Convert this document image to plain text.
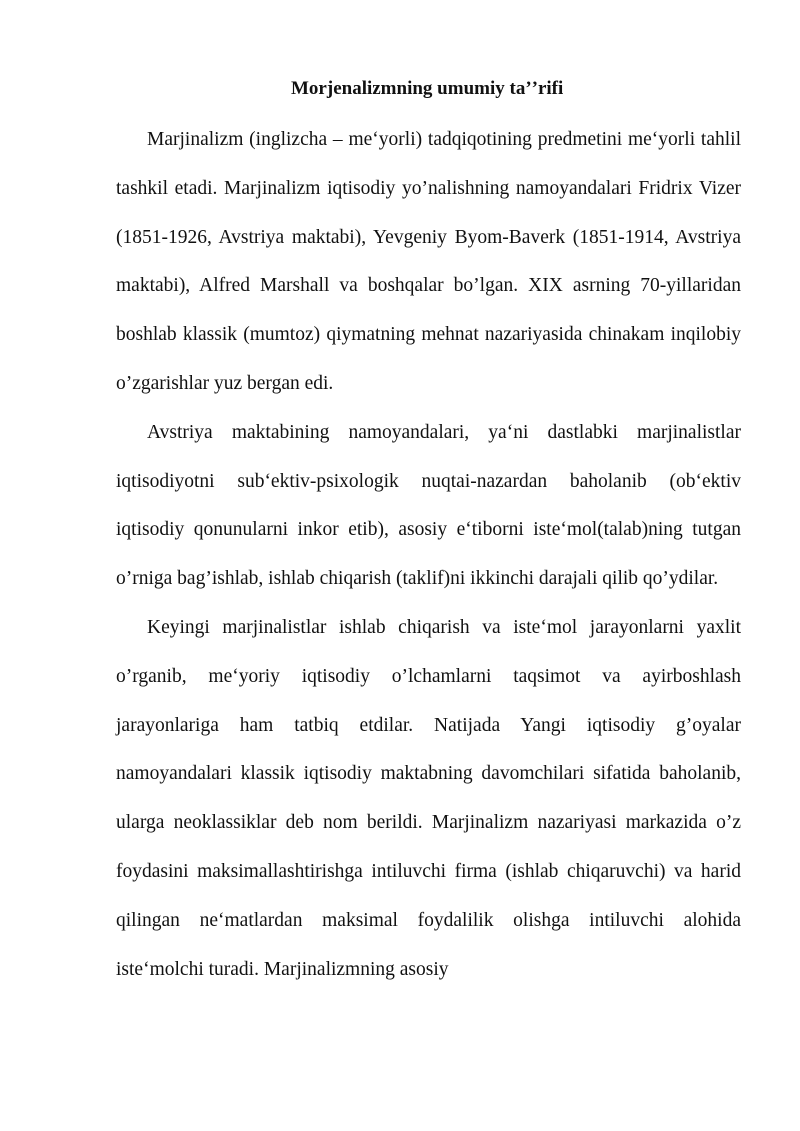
Morjenalizmning umumiy taʼʼrifi

Marjinalizm (inglizcha – meʻyorli) tadqiqotining predmetini meʻyorli tahlil tashkil etadi. Marjinalizm iqtisodiy yo’nalishning namoyandalari Fridrix Vizer (1851-1926, Avstriya maktabi), Yevgeniy Byom-Baverk (1851-1914, Avstriya maktabi), Alfred Marshall va boshqalar bo’lgan. XIX asrning 70-yillaridan boshlab klassik (mumtoz) qiymatning mehnat nazariyasida chinakam inqilobiy o’zgarishlar yuz bergan edi.

Avstriya maktabining namoyandalari, yaʻni dastlabki marjinalistlar iqtisodiyotni subʻektiv-psixologik nuqtai-nazardan baholanib (obʻektiv iqtisodiy qonunularni inkor etib), asosiy eʻtiborni isteʻmol(talab)ning tutgan o’rniga bag’ishlab, ishlab chiqarish (taklif)ni ikkinchi darajali qilib qo’ydilar.

Keyingi marjinalistlar ishlab chiqarish va isteʻmol jarayonlarni yaxlit o’rganib, meʻyoriy iqtisodiy o’lchamlarni taqsimot va ayirboshlash jarayonlariga ham tatbiq etdilar. Natijada Yangi iqtisodiy g’oyalar namoyandalari klassik iqtisodiy maktabning davomchilari sifatida baholanib, ularga neoklassiklar deb nom berildi. Marjinalizm nazariyasi markazida o’z foydasini maksimallashtirishga intiluvchi firma (ishlab chiqaruvchi) va harid qilingan neʻmatlardan maksimal foydalilik olishga intiluvchi alohida isteʻmolchi turadi. Marjinalizmning asosiy
